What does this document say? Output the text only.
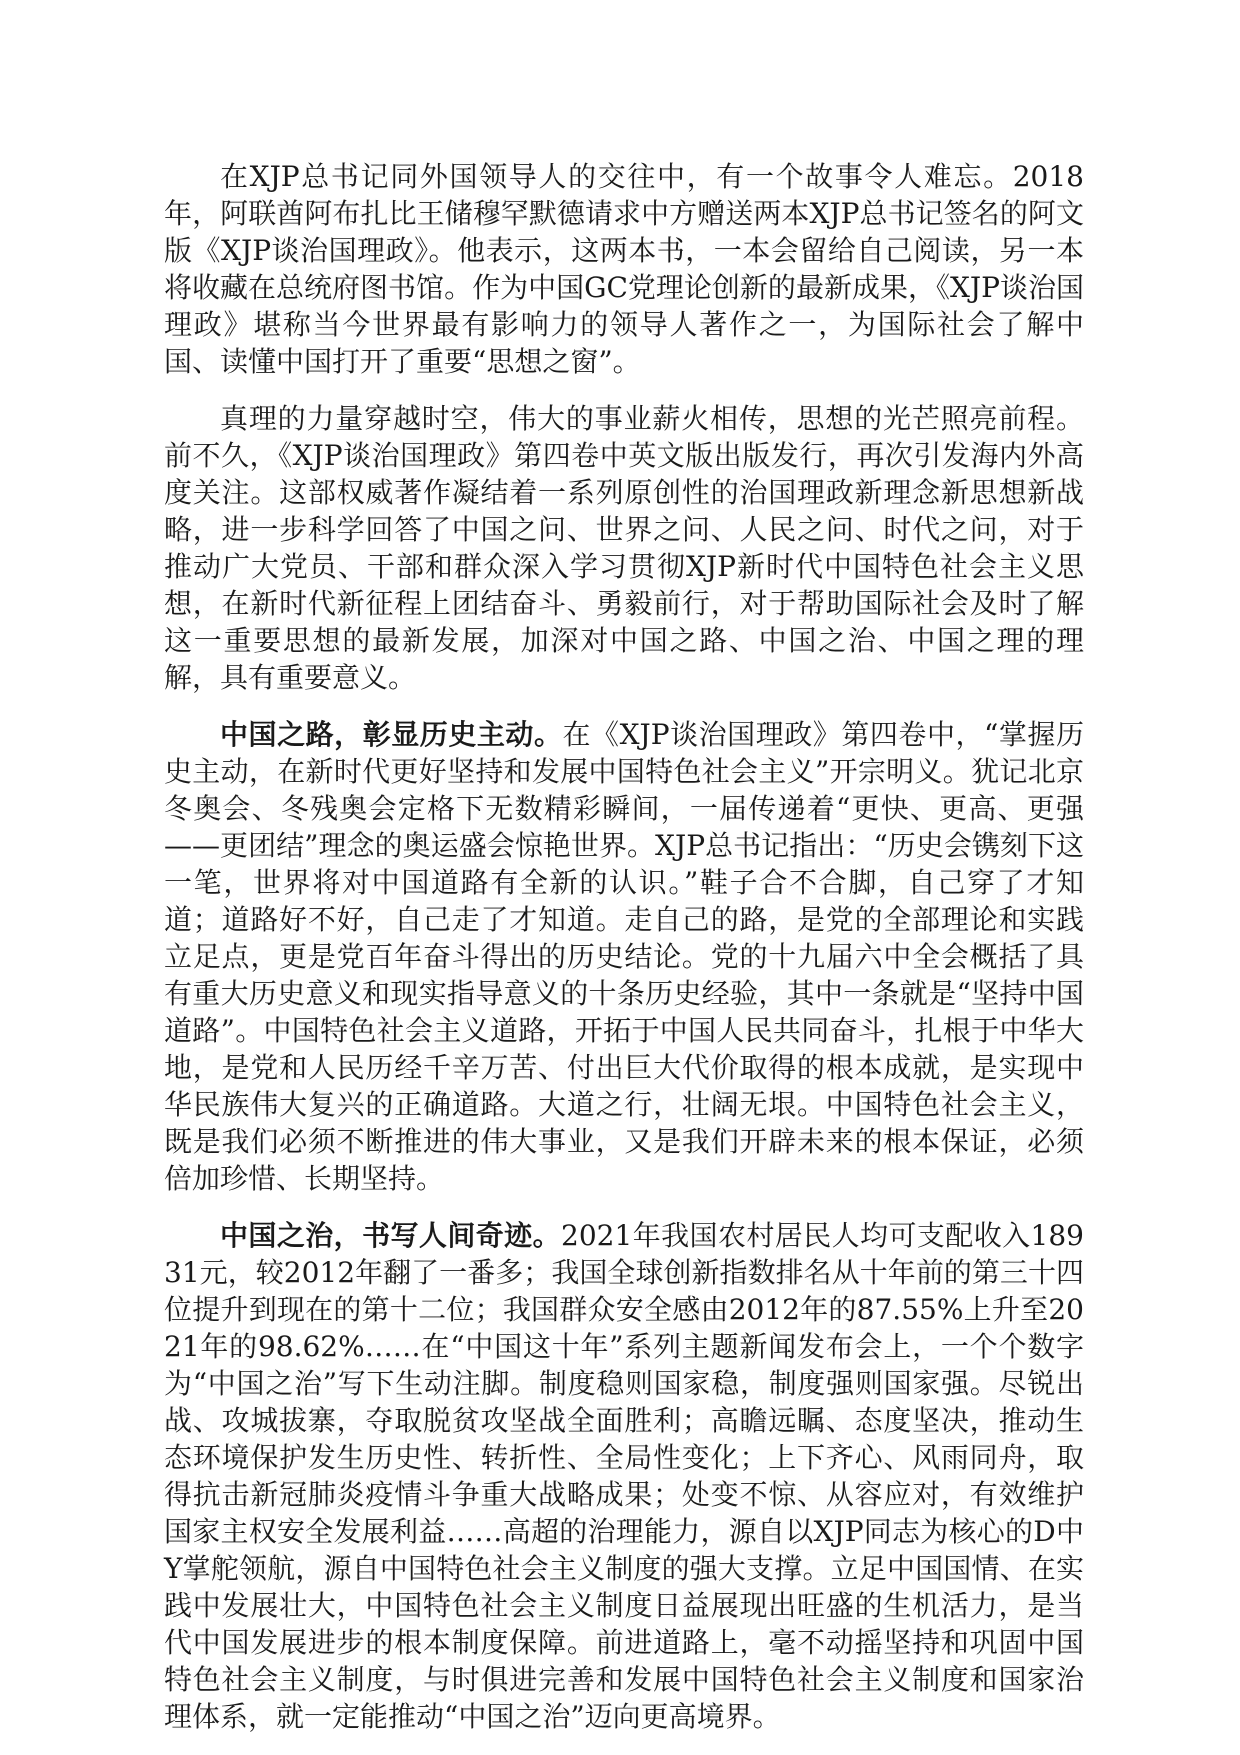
在XJP总书记同外国领导人的交往中，有一个故事令人难忘。2018年，阿联酋阿布扎比王储穆罕默德请求中方赠送两本XJP总书记签名的阿文版《XJP谈治国理政》。他表示，这两本书，一本会留给自己阅读，另一本将收藏在总统府图书馆。作为中国GC党理论创新的最新成果，《XJP谈治国理政》堪称当今世界最有影响力的领导人著作之一，为国际社会了解中国、读懂中国打开了重要“思想之窗”。

真理的力量穿越时空，伟大的事业薪火相传，思想的光芒照亮前程。前不久，《XJP谈治国理政》第四卷中英文版出版发行，再次引发海内外高度关注。这部权威著作凝结着一系列原创性的治国理政新理念新思想新战略，进一步科学回答了中国之问、世界之问、人民之问、时代之问，对于推动广大党员、干部和群众深入学习贯彻XJP新时代中国特色社会主义思想，在新时代新征程上团结奋斗、勇毅前行，对于帮助国际社会及时了解这一重要思想的最新发展，加深对中国之路、中国之治、中国之理的理解，具有重要意义。

中国之路，彰显历史主动。在《XJP谈治国理政》第四卷中，“掌握历史主动，在新时代更好坚持和发展中国特色社会主义”开宗明义。犹记北京冬奥会、冬残奥会定格下无数精彩瞬间，一届传递着“更快、更高、更强——更团结”理念的奥运盛会惊艳世界。XJP总书记指出：“历史会镌刻下这一笔，世界将对中国道路有全新的认识。”鞋子合不合脚，自己穿了才知道；道路好不好，自己走了才知道。走自己的路，是党的全部理论和实践立足点，更是党百年奋斗得出的历史结论。党的十九届六中全会概括了具有重大历史意义和现实指导意义的十条历史经验，其中一条就是“坚持中国道路”。中国特色社会主义道路，开拓于中国人民共同奋斗，扎根于中华大地，是党和人民历经千辛万苦、付出巨大代价取得的根本成就，是实现中华民族伟大复兴的正确道路。大道之行，壮阔无垠。中国特色社会主义，既是我们必须不断推进的伟大事业，又是我们开辟未来的根本保证，必须倍加珍惜、长期坚持。

中国之治，书写人间奇迹。2021年我国农村居民人均可支配收入18931元，较2012年翻了一番多；我国全球创新指数排名从十年前的第三十四位提升到现在的第十二位；我国群众安全感由2012年的87.55%上升至2021年的98.62%……在“中国这十年”系列主题新闻发布会上，一个个数字为“中国之治”写下生动注脚。制度稳则国家稳，制度强则国家强。尽锐出战、攻城拔寨，夺取脱贫攻坚战全面胜利；高瞻远瞩、态度坚决，推动生态环境保护发生历史性、转折性、全局性变化；上下齐心、风雨同舟，取得抗击新冠肺炎疫情斗争重大战略成果；处变不惊、从容应对，有效维护国家主权安全发展利益……高超的治理能力，源自以XJP同志为核心的D中Y掌舵领航，源自中国特色社会主义制度的强大支撑。立足中国国情、在实践中发展壮大，中国特色社会主义制度日益展现出旺盛的生机活力，是当代中国发展进步的根本制度保障。前进道路上，毫不动摇坚持和巩固中国特色社会主义制度，与时俱进完善和发展中国特色社会主义制度和国家治理体系，就一定能推动“中国之治”迈向更高境界。
